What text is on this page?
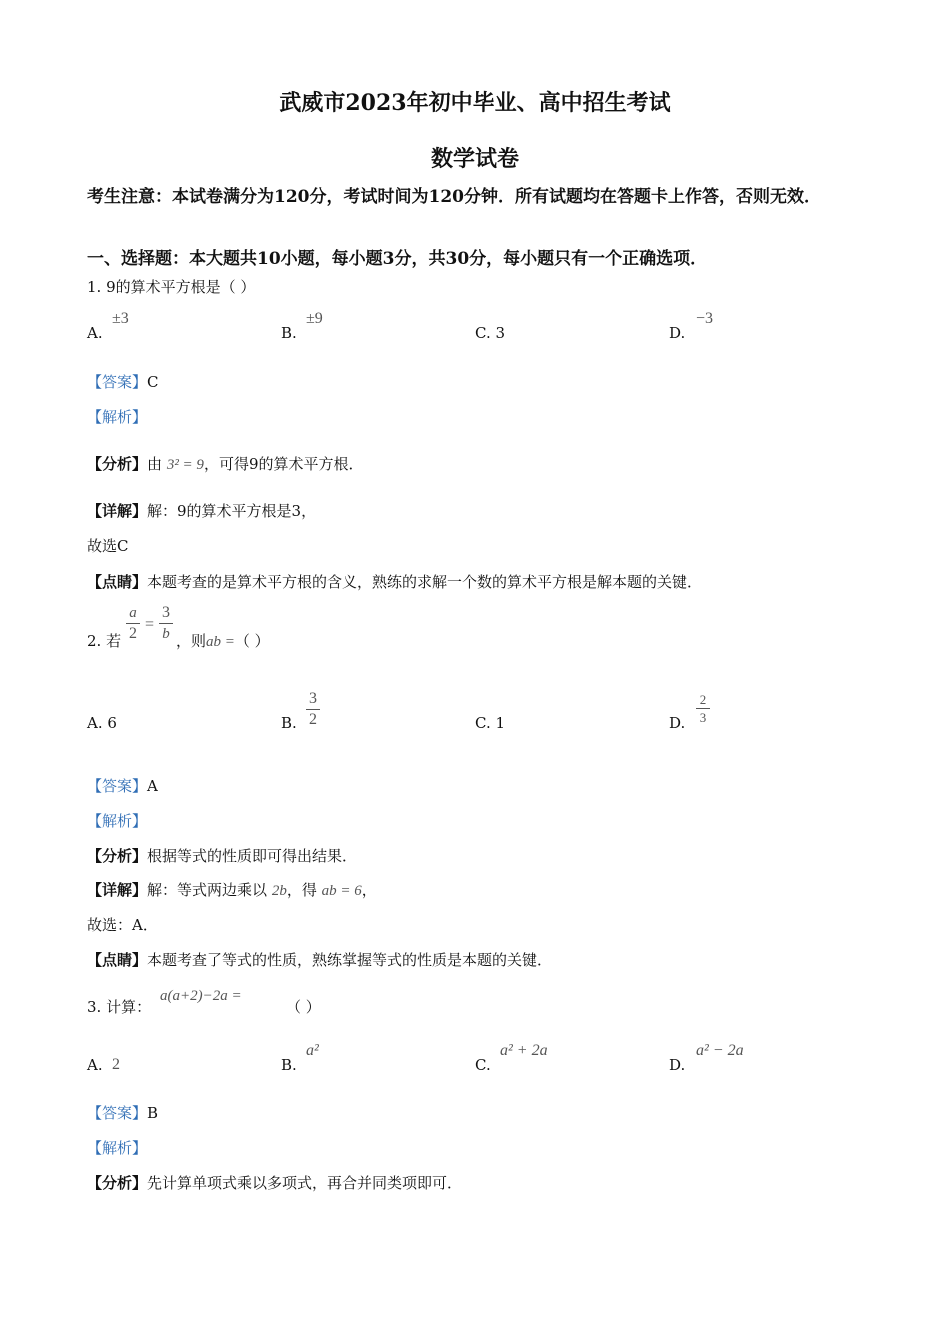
武威市2023年初中毕业、高中招生考试
数学试卷
考生注意：本试卷满分为120分，考试时间为120分钟．所有试题均在答题卡上作答，否则无效．
一、选择题：本大题共10小题，每小题3分，共30分，每小题只有一个正确选项．
1. 9的算术平方根是（ ）
A.
±3
B.
±9
C. 3	D.
−3
【答案】C
【解析】
【分析】由 3² = 9，可得9的算术平方根．
【详解】解：9的算术平方根是3，
故选C
【点睛】本题考查的是算术平方根的含义，熟练的求解一个数的算术平方根是解本题的关键．
2. 若
a
2
=
3
b ，则ab =（ ）
A. 6	B.
3
2	C. 1	D.
2
3
【答案】A
【解析】
【分析】根据等式的性质即可得出结果．
【详解】解：等式两边乘以 2b，得 ab = 6，
故选：A．
【点睛】本题考查了等式的性质，熟练掌握等式的性质是本题的关键．
3. 计算：
a(a+2)−2a =
（ ）
A. 2	B.
a²
C.
a² + 2a
D.
a² − 2a
【答案】B
【解析】
【分析】先计算单项式乘以多项式，再合并同类项即可．
